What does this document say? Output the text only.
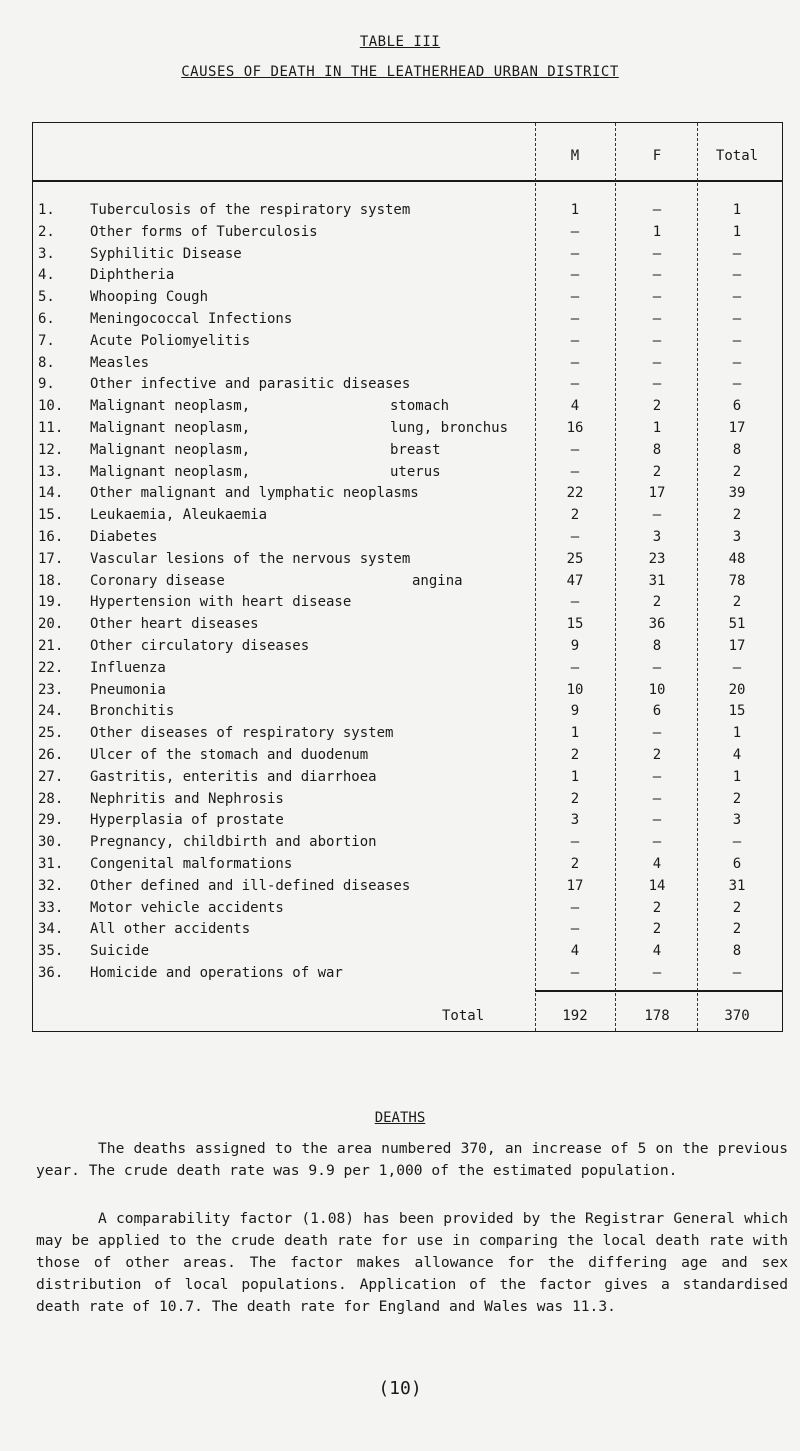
TABLE III
CAUSES OF DEATH IN THE LEATHERHEAD URBAN DISTRICT
M	F	Total
1.	Tuberculosis of the respiratory system	1	–	1
2.	Other forms of Tuberculosis	—	1	1
3.	Syphilitic Disease	–	–	–
4.	Diphtheria	–	–	–
5.	Whooping Cough	–	–	–
6.	Meningococcal Infections	–	–	–
7.	Acute Poliomyelitis	–	–	–
8.	Measles	–	–	–
9.	Other infective and parasitic diseases	–	–	–
10.	Malignant neoplasm,	stomach	4	2	6
11.	Malignant neoplasm,	lung, bronchus	16	1	17
12.	Malignant neoplasm,	breast	–	8	8
13.	Malignant neoplasm,	uterus	–	2	2
14.	Other malignant and lymphatic neoplasms	22	17	39
15.	Leukaemia, Aleukaemia	2	–	2
16.	Diabetes	–	3	3
17.	Vascular lesions of the nervous system	25	23	48
18.	Coronary disease	angina	47	31	78
19.	Hypertension with heart disease	–	2	2
20.	Other heart diseases	15	36	51
21.	Other circulatory diseases	9	8	17
22.	Influenza	–	–	–
23.	Pneumonia	10	10	20
24.	Bronchitis	9	6	15
25.	Other diseases of respiratory system	1	–	1
26.	Ulcer of the stomach and duodenum	2	2	4
27.	Gastritis, enteritis and diarrhoea	1	–	1
28.	Nephritis and Nephrosis	2	–	2
29.	Hyperplasia of prostate	3	–	3
30.	Pregnancy, childbirth and abortion	–	–	–
31.	Congenital malformations	2	4	6
32.	Other defined and ill-defined diseases	17	14	31
33.	Motor vehicle accidents	–	2	2
34.	All other accidents	–	2	2
35.	Suicide	4	4	8
36.	Homicide and operations of war	–	–	–
Total	192	178	370
DEATHS
The deaths assigned to the area numbered 370, an increase of 5 on the previous year. The crude death rate was 9.9 per 1,000 of the estimated population.
A comparability factor (1.08) has been provided by the Registrar General which may be applied to the crude death rate for use in comparing the local death rate with those of other areas. The factor makes allowance for the differing age and sex distribution of local populations. Application of the factor gives a standardised death rate of 10.7. The death rate for England and Wales was 11.3.
(10)
